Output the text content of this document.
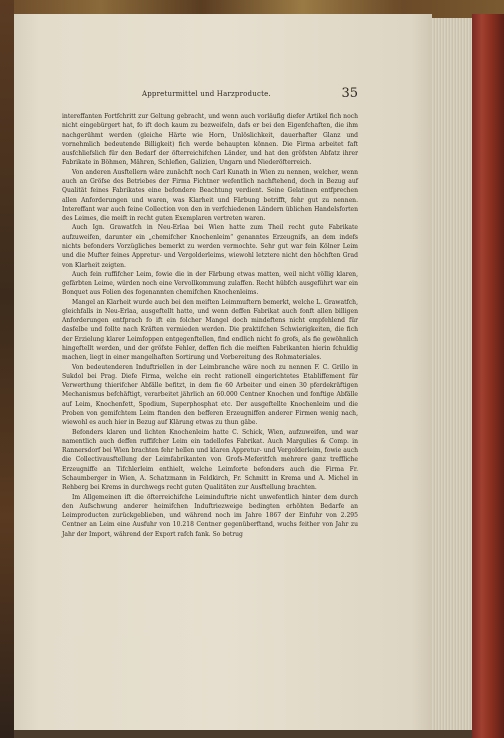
Appreturmittel und Harzproducte.	35

intereffanten Fortfchritt zur Geltung gebracht, und wenn auch vorläufig diefer Artikel fich noch nicht eingebürgert hat, fo ift doch kaum zu bezweifeln, dafs er bei den Eigenfchaften, die ihm nachgerühmt werden (gleiche Härte wie Horn, Unlöslichkeit, dauerhafter Glanz und vornehmlich bedeutende Billigkeit) fich werde behaupten können. Die Firma arbeitet faft ausfchliefslich für den Bedarf der öfterreichifchen Länder, und hat den gröfsten Abfatz ihrer Fabrikate in Böhmen, Mähren, Schlefien, Galizien, Ungarn und Niederöfterreich.

Von anderen Ausftellern wäre zunächft noch Carl Kunath in Wien zu nennen, welcher, wenn auch an Gröfse des Betriebes der Firma Fichtner wefentlich nachftehend, doch in Bezug auf Qualität feines Fabrikates eine befondere Beachtung verdient. Seine Gelatinen entfprechen allen Anforderungen und waren, was Klarheit und Färbung betrifft, fehr gut zu nennen. Intereffant war auch feine Collection von den in verfchiedenen Ländern üblichen Handelsforten des Leimes, die meift in recht guten Exemplaren vertreten waren.

Auch Ign. Grawatfch in Neu-Erlaa bei Wien hatte zum Theil recht gute Fabrikate aufzuweifen, darunter ein „chemifcher Knochenleim“ genanntes Erzeugnifs, an dem indefs nichts befonders Vorzügliches bemerkt zu werden vermochte. Sehr gut war fein Kölner Leim und die Mufter feines Appretur- und Vergolderleims, wiewohl letztere nicht den höchften Grad von Klarheit zeigten.

Auch fein ruffifcher Leim, fowie die in der Färbung etwas matten, weil nicht völlig klaren, gefärbten Leime, würden noch eine Vervollkommung zulaffen. Recht hübfch ausgeführt war ein Bonquet aus Folien des fogenannten chemifchen Knochenleims.

Mangel an Klarheit wurde auch bei den meiften Leimmuftern bemerkt, welche L. Grawatfch, gleichfalls in Neu-Erlaa, ausgeftellt hatte, und wenn deffen Fabrikat auch fonft allen billigen Anforderungen entfprach fo ift ein folcher Mangel doch mindeftens nicht empfehlend für dasfelbe und follte nach Kräften vermieden werden. Die praktifchen Schwierigkeiten, die fich der Erzielung klarer Leimfoppen entgegenftellen, find endlich nicht fo grofs, als fie gewöhnlich hingeftellt werden, und der gröfste Fehler, deffen fich die meiften Fabrikanten hierin fchuldig machen, liegt in einer mangelhaften Sortirung und Vorbereitung des Rohmateriales.

Von bedeutenderen Induftriellen in der Leimbranche wäre noch zu nennen F. C. Grillo in Sukdol bei Prag. Diefe Firma, welche ein recht rationell eingerichtetes Etabliffement für Verwerthung thierifcher Abfälle befitzt, in dem fie 60 Arbeiter und einen 30 pferdekräftigen Mechanismus befchäftigt, verarbeitet jährlich an 60.000 Centner Knochen und fonftige Abfälle auf Leim, Knochenfett, Spodium, Superphosphat etc. Der ausgeftellte Knochenleim und die Proben von gemifchtem Leim ftanden den befferen Erzeugniffen anderer Firmen wenig nach, wiewohl es auch hier in Bezug auf Klärung etwas zu thun gäbe.

Befonders klaren und lichten Knochenleim hatte C. Schick, Wien, aufzuweifen, und war namentlich auch deffen ruffifcher Leim ein tadellofes Fabrikat. Auch Margulies & Comp. in Rannersdorf bei Wien brachten fehr hellen und klaren Appretur- und Vergolderleim, fowie auch die Collectivausftellung der Leimfabrikanten von Grofs-Meferitfch mehrere ganz treffliche Erzeugniffe an Tifchlerleim enthielt, welche Leimforte befonders auch die Firma Fr. Schaumberger in Wien, A. Schatzmann in Feldkirch, Fr. Schmitt in Krema und A. Michel in Rehberg bei Krems in durchwegs recht guten Qualitäten zur Ausftellung brachten.

Im Allgemeinen ift die öfterreichifche Leiminduftrie nicht unwefentlich hinter dem durch den Aufschwung anderer heimifchen Induftriezweige bedingten erhöhten Bedarfe an Leimproducten zurückgeblieben, und während noch im Jahre 1867 der Einfuhr von 2.295 Centner an Leim eine Ausfuhr von 10.218 Centner gegenüberftand, wuchs feither von Jahr zu Jahr der Import, während der Export rafch fank. So betrug
